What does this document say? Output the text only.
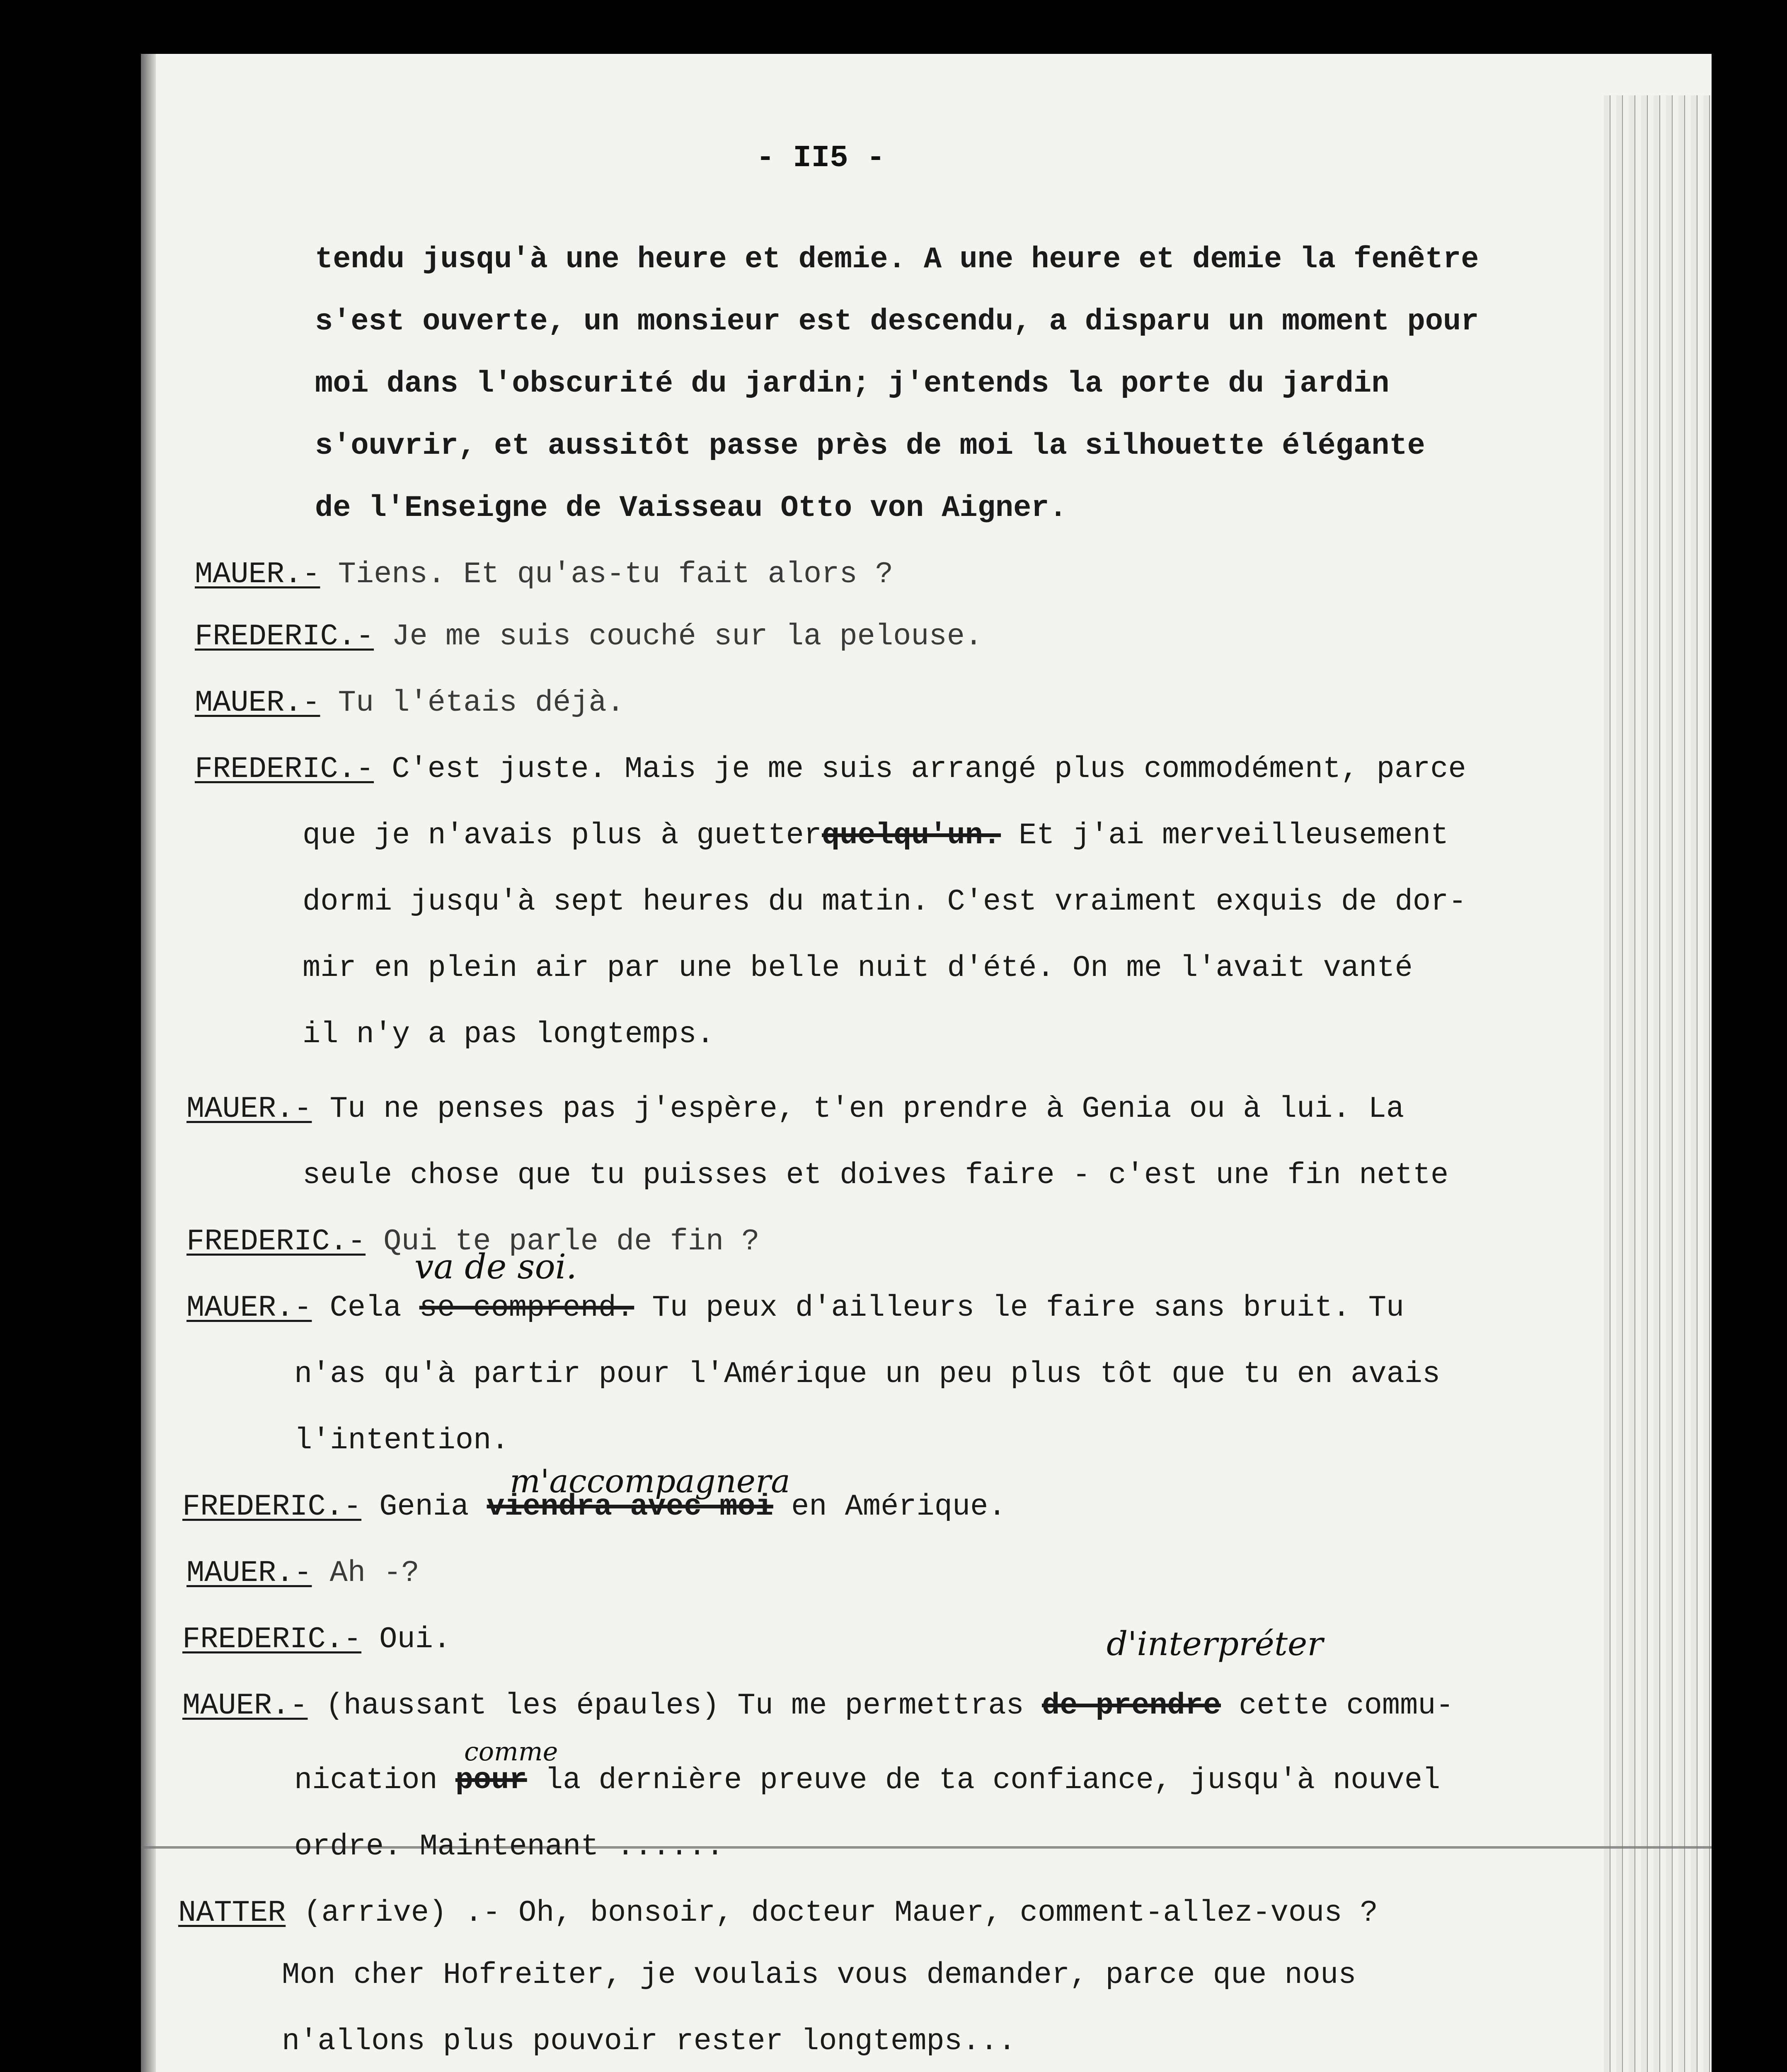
- II5 -
tendu jusqu'à une heure et demie. A une heure et demie la fenêtre
s'est ouverte, un monsieur est descendu, a disparu un moment pour
moi dans l'obscurité du jardin; j'entends la porte du jardin
s'ouvrir, et aussitôt passe près de moi la silhouette élégante
de l'Enseigne de Vaisseau Otto von Aigner.
MAUER.- Tiens. Et qu'as-tu fait alors ?
FREDERIC.- Je me suis couché sur la pelouse.
MAUER.- Tu l'étais déjà.
FREDERIC.- C'est juste. Mais je me suis arrangé plus commodément, parce
que je n'avais plus à guetterquelqu'un. Et j'ai merveilleusement
dormi jusqu'à sept heures du matin. C'est vraiment exquis de dor-
mir en plein air par une belle nuit d'été. On me l'avait vanté
il n'y a pas longtemps.
MAUER.- Tu ne penses pas j'espère, t'en prendre à Genia ou à lui. La
seule chose que tu puisses et doives faire - c'est une fin nette
FREDERIC.- Qui te parle de fin ?
va de soi.
MAUER.- Cela se comprend. Tu peux d'ailleurs le faire sans bruit. Tu
n'as qu'à partir pour l'Amérique un peu plus tôt que tu en avais
l'intention.
m'accompagnera
FREDERIC.- Genia viendra avec moi en Amérique.
MAUER.- Ah -?
FREDERIC.- Oui.	d'interpréter
MAUER.- (haussant les épaules) Tu me permettras de prendre cette commu-
comme
nication pour la dernière preuve de ta confiance, jusqu'à nouvel
ordre. Maintenant ......
NATTER (arrive) .- Oh, bonsoir, docteur Mauer, comment-allez-vous ?
Mon cher Hofreiter, je voulais vous demander, parce que nous
n'allons plus pouvoir rester longtemps...
